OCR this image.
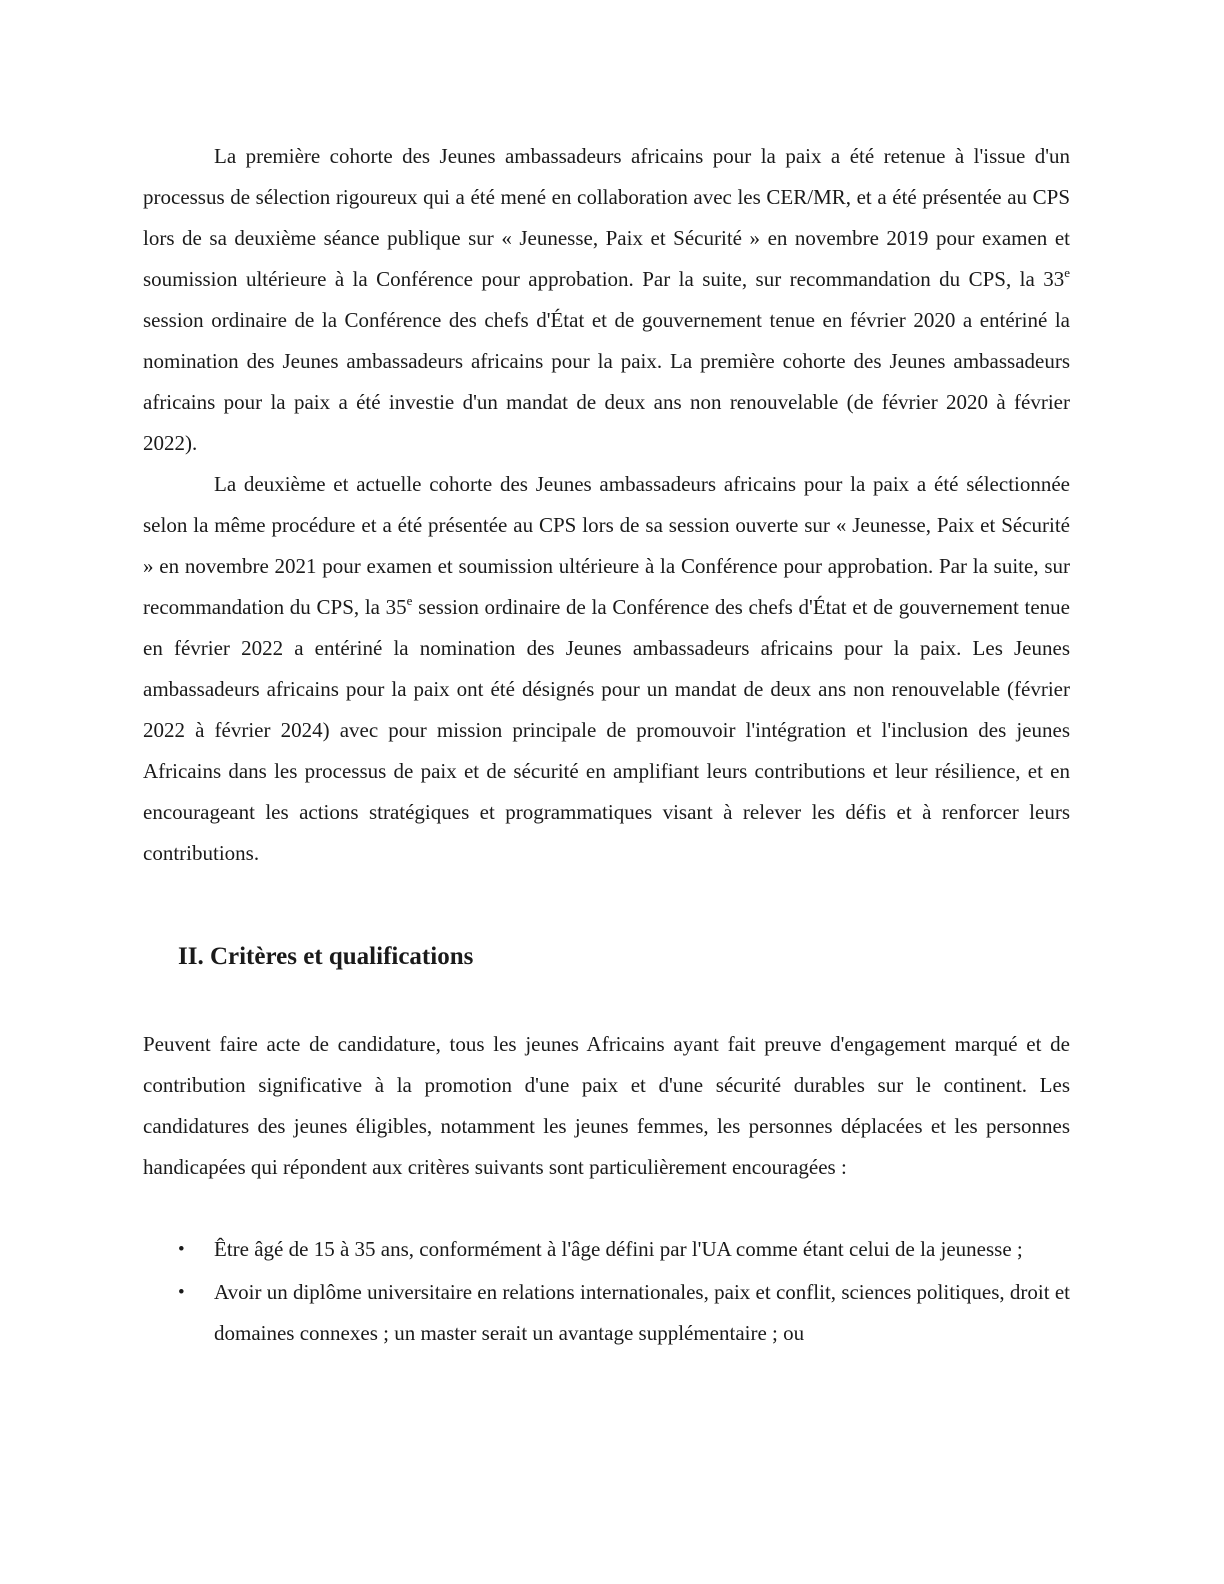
La première cohorte des Jeunes ambassadeurs africains pour la paix a été retenue à l'issue d'un processus de sélection rigoureux qui a été mené en collaboration avec les CER/MR, et a été présentée au CPS lors de sa deuxième séance publique sur « Jeunesse, Paix et Sécurité » en novembre 2019 pour examen et soumission ultérieure à la Conférence pour approbation. Par la suite, sur recommandation du CPS, la 33e session ordinaire de la Conférence des chefs d'État et de gouvernement tenue en février 2020 a entériné la nomination des Jeunes ambassadeurs africains pour la paix. La première cohorte des Jeunes ambassadeurs africains pour la paix a été investie d'un mandat de deux ans non renouvelable (de février 2020 à février 2022).

La deuxième et actuelle cohorte des Jeunes ambassadeurs africains pour la paix a été sélectionnée selon la même procédure et a été présentée au CPS lors de sa session ouverte sur « Jeunesse, Paix et Sécurité » en novembre 2021 pour examen et soumission ultérieure à la Conférence pour approbation. Par la suite, sur recommandation du CPS, la 35e session ordinaire de la Conférence des chefs d'État et de gouvernement tenue en février 2022 a entériné la nomination des Jeunes ambassadeurs africains pour la paix. Les Jeunes ambassadeurs africains pour la paix ont été désignés pour un mandat de deux ans non renouvelable (février 2022 à février 2024) avec pour mission principale de promouvoir l'intégration et l'inclusion des jeunes Africains dans les processus de paix et de sécurité en amplifiant leurs contributions et leur résilience, et en encourageant les actions stratégiques et programmatiques visant à relever les défis et à renforcer leurs contributions.

II. Critères et qualifications

Peuvent faire acte de candidature, tous les jeunes Africains ayant fait preuve d'engagement marqué et de contribution significative à la promotion d'une paix et d'une sécurité durables sur le continent. Les candidatures des jeunes éligibles, notamment les jeunes femmes, les personnes déplacées et les personnes handicapées qui répondent aux critères suivants sont particulièrement encouragées :

• Être âgé de 15 à 35 ans, conformément à l'âge défini par l'UA comme étant celui de la jeunesse ;
• Avoir un diplôme universitaire en relations internationales, paix et conflit, sciences politiques, droit et domaines connexes ; un master serait un avantage supplémentaire ; ou
